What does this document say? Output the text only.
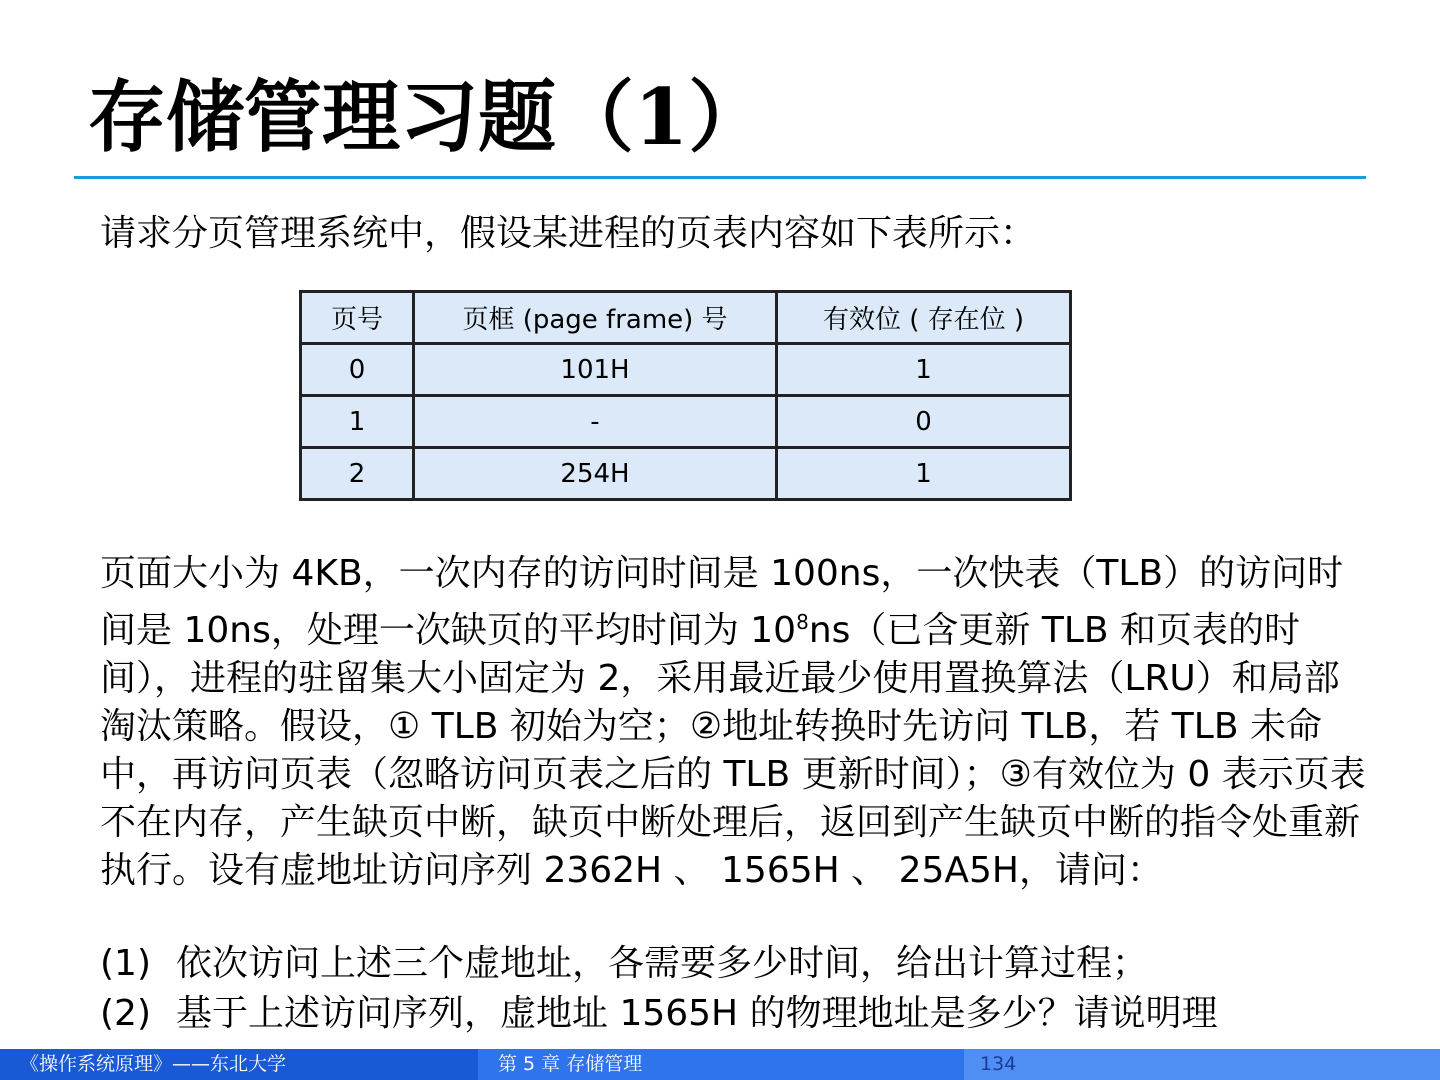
存储管理习题（1）

请求分页管理系统中，假设某进程的页表内容如下表所示：

页号	页框 (page frame) 号	有效位 ( 存在位 )
0	101H	1
1	-	0
2	254H	1

页面大小为 4KB，一次内存的访问时间是 100ns，一次快表（TLB）的访问时间是 10ns，处理一次缺页的平均时间为 $10^8ns$（已含更新 TLB 和页表的时间），进程的驻留集大小固定为 2，采用最近最少使用置换算法（LRU）和局部淘汰策略。假设，① TLB 初始为空；②地址转换时先访问 TLB，若 TLB 未命中，再访问页表（忽略访问页表之后的 TLB 更新时间）；③有效位为 0 表示页表不在内存，产生缺页中断，缺页中断处理后，返回到产生缺页中断的指令处重新执行。设有虚地址访问序列 2362H 、 1565H 、 25A5H，请问：

(1) 依次访问上述三个虚地址，各需要多少时间，给出计算过程；

(2) 基于上述访问序列，虚地址 1565H 的物理地址是多少？请说明理

《操作系统原理》——东北大学	第 5 章 存储管理	134
